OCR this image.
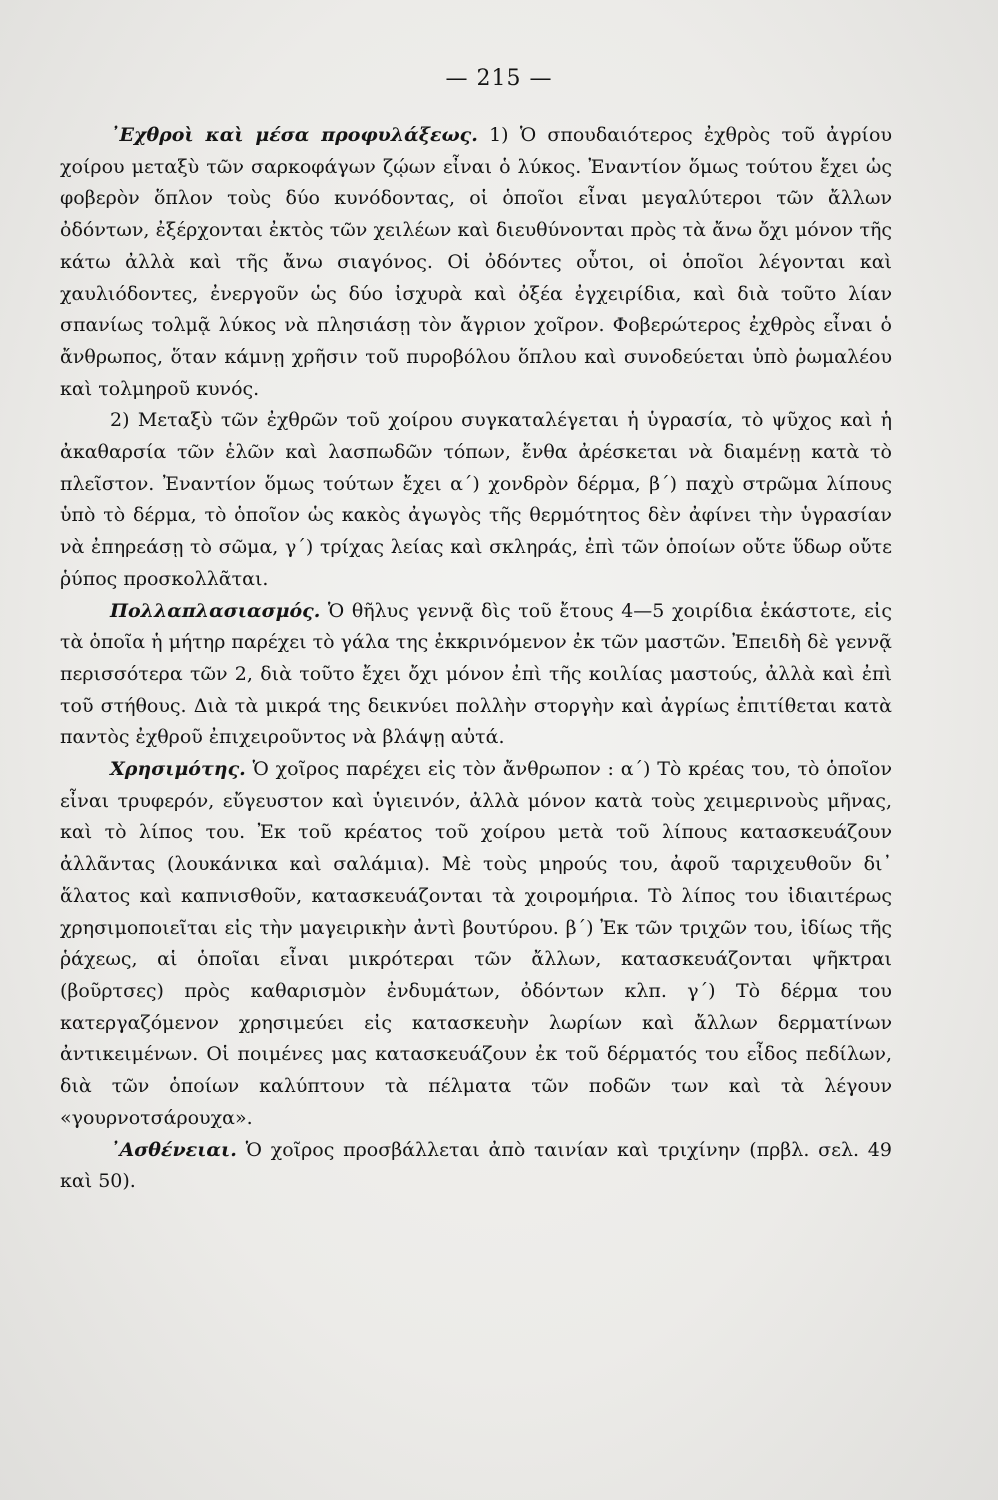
— 215 —

᾿Εχθροὶ καὶ μέσα προφυλάξεως. 1) Ὁ σπουδαιότερος ἐχθρὸς τοῦ ἀγρίου χοίρου μεταξὺ τῶν σαρκοφάγων ζῴων εἶναι ὁ λύκος. Ἐναντίον ὅμως τούτου ἔχει ὡς φοβερὸν ὅπλον τοὺς δύο κυνόδοντας, οἱ ὁποῖοι εἶναι μεγαλύτεροι τῶν ἄλλων ὀδόντων, ἐξέρχονται ἐκτὸς τῶν χειλέων καὶ διευθύνονται πρὸς τὰ ἄνω ὄχι μόνον τῆς κάτω ἀλλὰ καὶ τῆς ἄνω σιαγόνος. Οἱ ὀδόντες οὗτοι, οἱ ὁποῖοι λέγονται καὶ χαυλιόδοντες, ἐνεργοῦν ὡς δύο ἰσχυρὰ καὶ ὀξέα ἐγχειρίδια, καὶ διὰ τοῦτο λίαν σπανίως τολμᾷ λύκος νὰ πλησιάσῃ τὸν ἄγριον χοῖρον. Φοβερώτερος ἐχθρὸς εἶναι ὁ ἄνθρωπος, ὅταν κάμνῃ χρῆσιν τοῦ πυροβόλου ὅπλου καὶ συνοδεύεται ὑπὸ ῥωμαλέου καὶ τολμηροῦ κυνός.

2) Μεταξὺ τῶν ἐχθρῶν τοῦ χοίρου συγκαταλέγεται ἡ ὑγρασία, τὸ ψῦχος καὶ ἡ ἀκαθαρσία τῶν ἑλῶν καὶ λασπωδῶν τόπων, ἔνθα ἀρέσκεται νὰ διαμένῃ κατὰ τὸ πλεῖστον. Ἐναντίον ὅμως τούτων ἔχει α΄) χονδρὸν δέρμα, β΄) παχὺ στρῶμα λίπους ὑπὸ τὸ δέρμα, τὸ ὁποῖον ὡς κακὸς ἀγωγὸς τῆς θερμότητος δὲν ἀφίνει τὴν ὑγρασίαν νὰ ἐπηρεάσῃ τὸ σῶμα, γ΄) τρίχας λείας καὶ σκληράς, ἐπὶ τῶν ὁποίων οὔτε ὕδωρ οὔτε ῥύπος προσκολλᾶται.

Πολλαπλασιασμός. Ὁ θῆλυς γεννᾷ δὶς τοῦ ἔτους 4—5 χοιρίδια ἑκάστοτε, εἰς τὰ ὁποῖα ἡ μήτηρ παρέχει τὸ γάλα της ἐκκρινόμενον ἐκ τῶν μαστῶν. Ἐπειδὴ δὲ γεννᾷ περισσότερα τῶν 2, διὰ τοῦτο ἔχει ὄχι μόνον ἐπὶ τῆς κοιλίας μαστούς, ἀλλὰ καὶ ἐπὶ τοῦ στήθους. Διὰ τὰ μικρά της δεικνύει πολλὴν στοργὴν καὶ ἀγρίως ἐπιτίθεται κατὰ παντὸς ἐχθροῦ ἐπιχειροῦντος νὰ βλάψῃ αὐτά.

Χρησιμότης. Ὁ χοῖρος παρέχει εἰς τὸν ἄνθρωπον : α΄) Τὸ κρέας του, τὸ ὁποῖον εἶναι τρυφερόν, εὔγευστον καὶ ὑγιεινόν, ἀλλὰ μόνον κατὰ τοὺς χειμερινοὺς μῆνας, καὶ τὸ λίπος του. Ἐκ τοῦ κρέατος τοῦ χοίρου μετὰ τοῦ λίπους κατασκευάζουν ἀλλᾶντας (λουκάνικα καὶ σαλάμια). Μὲ τοὺς μηρούς του, ἀφοῦ ταριχευθοῦν δι᾿ ἅλατος καὶ καπνισθοῦν, κατασκευάζονται τὰ χοιρομήρια. Τὸ λίπος του ἰδιαιτέρως χρησιμοποιεῖται εἰς τὴν μαγειρικὴν ἀντὶ βουτύρου. β΄) Ἐκ τῶν τριχῶν του, ἰδίως τῆς ῥάχεως, αἱ ὁποῖαι εἶναι μικρότεραι τῶν ἄλλων, κατασκευάζονται ψῆκτραι (βοῦρτσες) πρὸς καθαρισμὸν ἐνδυμάτων, ὀδόντων κλπ. γ΄) Τὸ δέρμα του κατεργαζόμενον χρησιμεύει εἰς κατασκευὴν λωρίων καὶ ἄλλων δερματίνων ἀντικειμένων. Οἱ ποιμένες μας κατασκευάζουν ἐκ τοῦ δέρματός του εἶδος πεδίλων, διὰ τῶν ὁποίων καλύπτουν τὰ πέλματα τῶν ποδῶν των καὶ τὰ λέγουν «γουρνοτσάρουχα».

᾿Ασθένειαι. Ὁ χοῖρος προσβάλλεται ἀπὸ ταινίαν καὶ τριχίνην (πρβλ. σελ. 49 καὶ 50).
